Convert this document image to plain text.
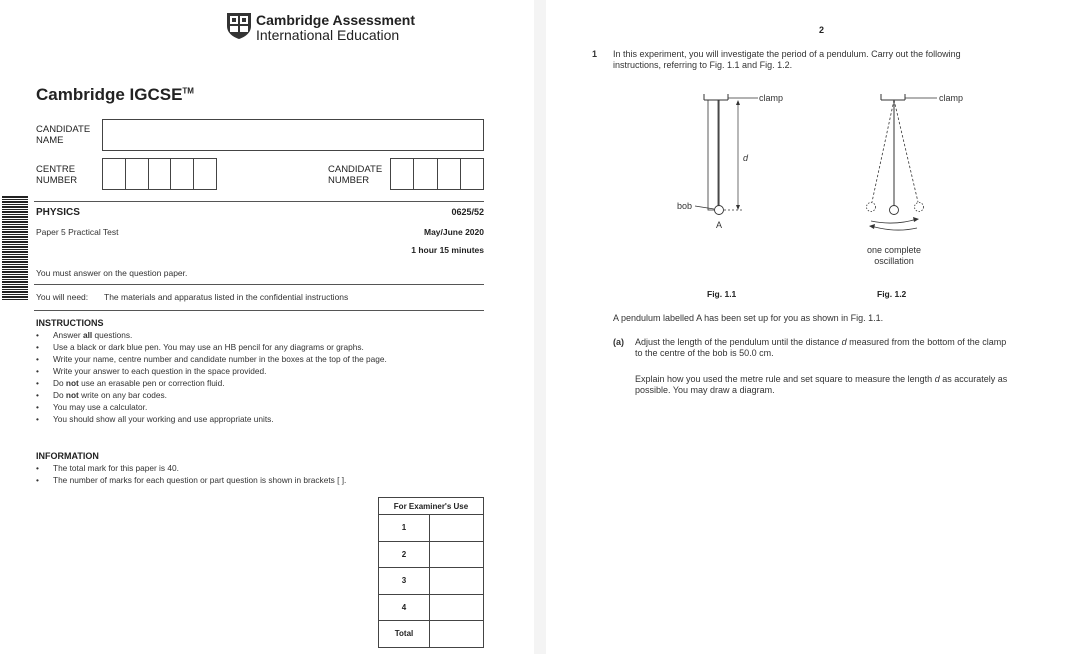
Cambridge Assessment
International Education
Cambridge IGCSE™
CANDIDATE
NAME
CENTRE
NUMBER
CANDIDATE
NUMBER
PHYSICS	0625/52
Paper 5 Practical Test	May/June 2020
1 hour 15 minutes
You must answer on the question paper.
You will need: The materials and apparatus listed in the confidential instructions
INSTRUCTIONS
• Answer all questions.
• Use a black or dark blue pen. You may use an HB pencil for any diagrams or graphs.
• Write your name, centre number and candidate number in the boxes at the top of the page.
• Write your answer to each question in the space provided.
• Do not use an erasable pen or correction fluid.
• Do not write on any bar codes.
• You may use a calculator.
• You should show all your working and use appropriate units.
INFORMATION
• The total mark for this paper is 40.
• The number of marks for each question or part question is shown in brackets [ ].
For Examiner's Use	
1	
2	
3	
4	
Total	
2
1 In this experiment, you will investigate the period of a pendulum. Carry out the following
instructions, referring to Fig. 1.1 and Fig. 1.2.
clamp
d
bob
A
Fig. 1.1
clamp
one complete
oscillation
Fig. 1.2
A pendulum labelled A has been set up for you as shown in Fig. 1.1.
(a) Adjust the length of the pendulum until the distance d measured from the bottom of the clamp
to the centre of the bob is 50.0 cm.
Explain how you used the metre rule and set square to measure the length d as accurately as
possible. You may draw a diagram.
